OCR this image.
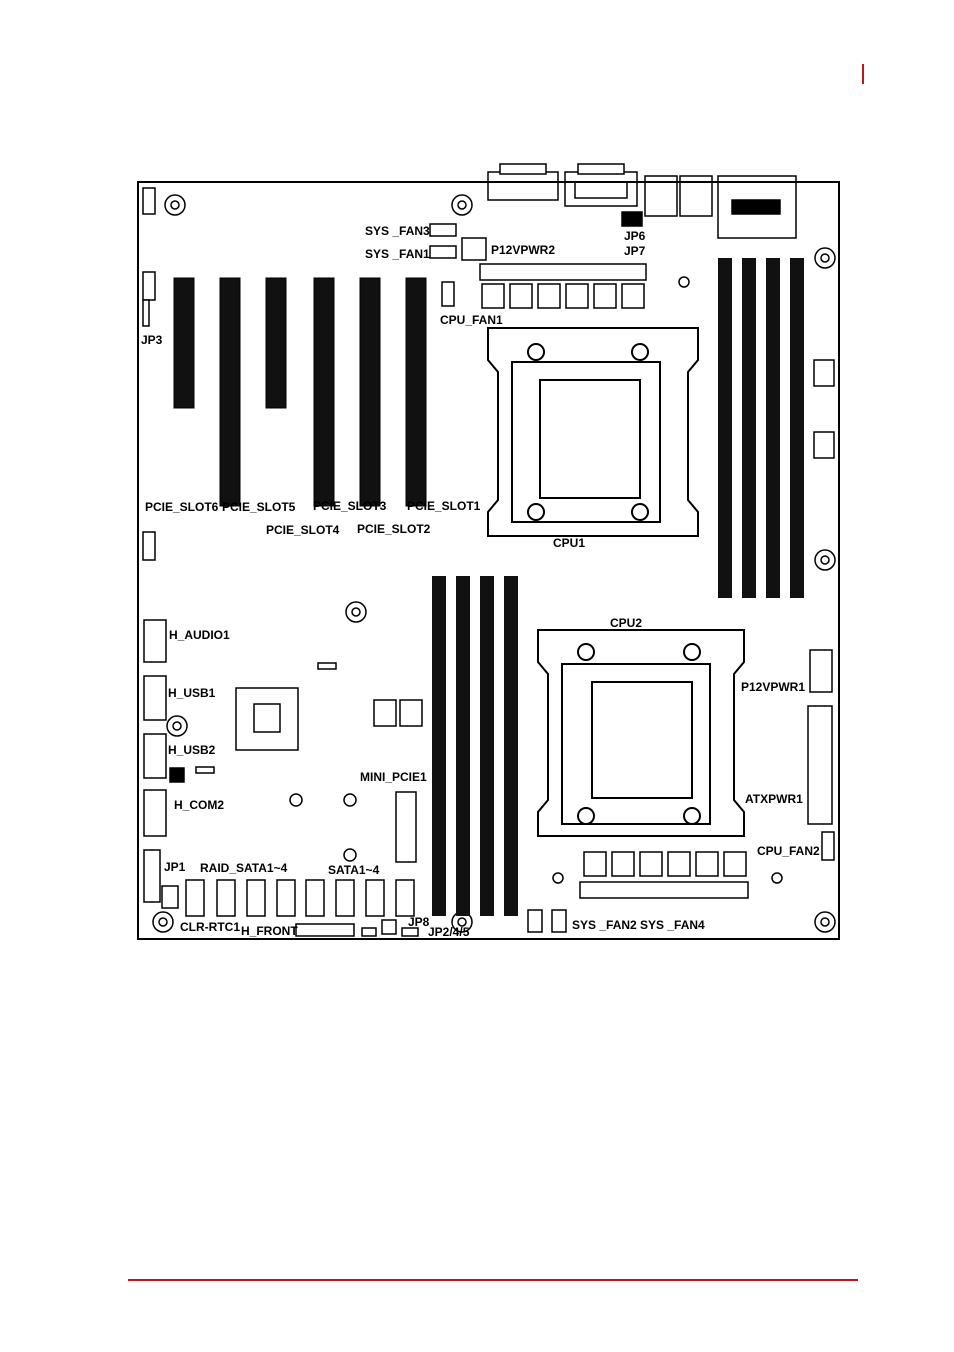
SYS _FAN3
SYS _FAN1	P12VPWR2
JP6
JP7
JP3
CPU_FAN1
PCIE_SLOT6 PCIE_SLOT5 PCIE_SLOT3 PCIE_SLOT1
PCIE_SLOT4 PCIE_SLOT2
CPU1
CPU2
H_AUDIO1
H_USB1
H_USB2
H_COM2
P12VPWR1
MINI_PCIE1
ATXPWR1
CPU_FAN2
JP1 RAID_SATA1~4	SATA1~4
JP8
JP2/4/5
CLR-RTC1 H_FRONT	SYS _FAN2 SYS _FAN4
